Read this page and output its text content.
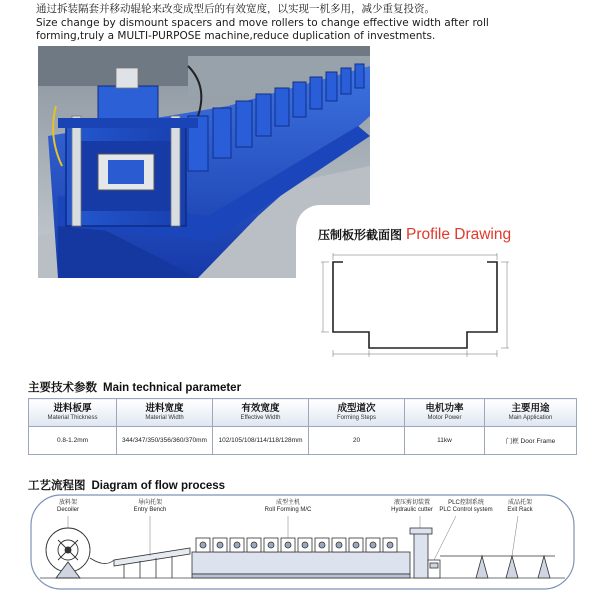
通过拆装隔套并移动辊轮来改变成型后的有效宽度，以实现一机多用，减少重复投资。
Size change by dismount spacers and move rollers to change effective width after roll
forming,truly a MULTI-PURPOSE machine,reduce duplication of investments.
压制板形截面图 Profile Drawing
主要技术参数 Main technical parameter
进料板厚
Material Thickness	进料宽度
Material Width	有效宽度
Effective Width	成型道次
Forming Steps	电机功率
Motor Power	主要用途
Main Application

0.8-1.2mm	344/347/350/356/360/370mm	102/105/108/114/118/128mm	20	11kw	门框 Door Frame
工艺流程图 Diagram of flow process
放料架
Decoiler
导向托架
Entry Bench
成型主机
Roll Forming M/C
液压剪切装置
Hydraulic cutter
PLC控制系统
PLC Control system
成品托架
Exit Rack
